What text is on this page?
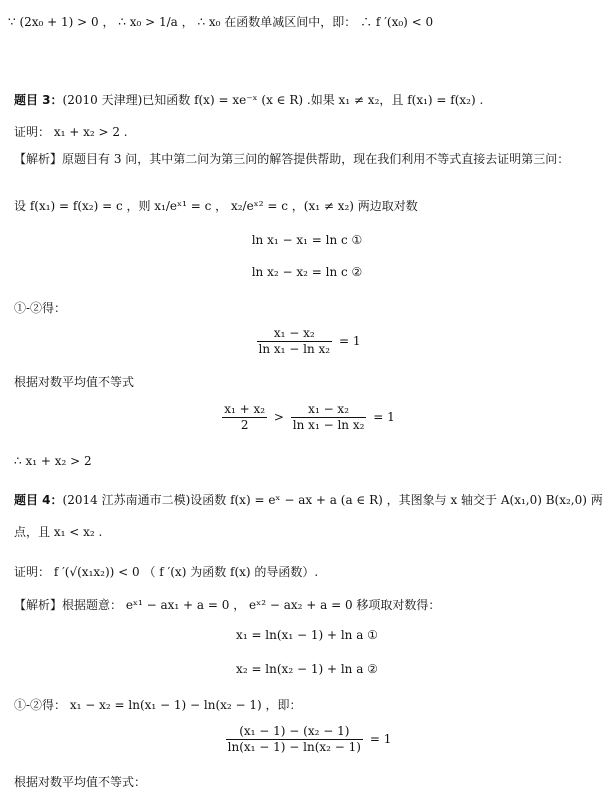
∵ (2x₀ + 1) > 0 ， ∴ x₀ > 1/a ， ∴ x₀ 在函数单减区间中，即： ∴ f ′(x₀) < 0
题目 3：(2010 天津理)已知函数 f(x) = xe⁻ˣ (x ∈ R) .如果 x₁ ≠ x₂，且 f(x₁) = f(x₂) .
证明： x₁ + x₂ > 2 .
【解析】原题目有 3 问，其中第二问为第三问的解答提供帮助，现在我们利用不等式直接去证明第三问：
设 f(x₁) = f(x₂) = c ，则 x₁/eˣ¹ = c ， x₂/eˣ² = c ，(x₁ ≠ x₂) 两边取对数
ln x₁ − x₁ = ln c ①
ln x₂ − x₂ = ln c ②
①-②得：
$\frac{\text{x₁ − x₂}}{\text{ln x₁ − ln x₂}} = 1$
根据对数平均值不等式
$\frac{\text{x₁ + x₂}}{2} > \frac{\text{x₁ − x₂}}{\text{ln x₁ − ln x₂}} = 1$
∴ x₁ + x₂ > 2
题目 4：(2014 江苏南通市二模)设函数 f(x) = eˣ − ax + a (a ∈ R) ，其图象与 x 轴交于 A(x₁,0) B(x₂,0) 两
点，且 x₁ < x₂ .
证明： f ′(√(x₁x₂)) < 0 （ f ′(x) 为函数 f(x) 的导函数）.
【解析】根据题意： eˣ¹ − ax₁ + a = 0 ， eˣ² − ax₂ + a = 0 移项取对数得：
x₁ = ln(x₁ − 1) + ln a ①
x₂ = ln(x₂ − 1) + ln a ②
①-②得： x₁ − x₂ = ln(x₁ − 1) − ln(x₂ − 1) ，即：
$\frac{\text{(x₁ − 1) − (x₂ − 1)}}{\text{ln(x₁ − 1) − ln(x₂ − 1)}} = 1$
根据对数平均值不等式：
